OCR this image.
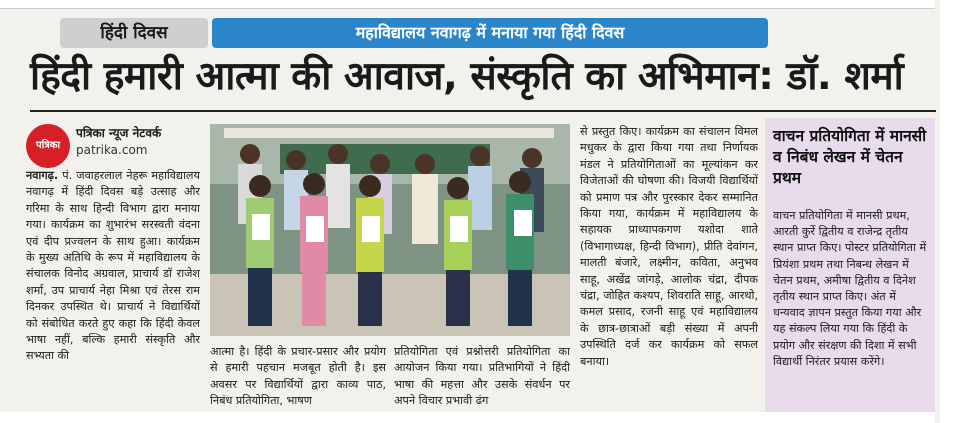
हिंदी दिवस	महाविद्यालय नवागढ़ में मनाया गया हिंदी दिवस
हिंदी हमारी आत्मा की आवाज, संस्कृति का अभिमान: डॉ. शर्मा
पत्रिका
पत्रिका न्यूज नेटवर्क
patrika.com
नवागढ़. पं. जवाहरलाल नेहरू महाविद्यालय नवागढ़ में हिंदी दिवस बड़े उत्साह और गरिमा के साथ हिन्दी विभाग द्वारा मनाया गया। कार्यक्रम का शुभारंभ सरस्वती वंदना एवं दीप प्रज्वलन के साथ हुआ। कार्यक्रम के मुख्य अतिथि के रूप में महाविद्यालय के संचालक विनोद अग्रवाल, प्राचार्य डॉ राजेश शर्मा, उप प्राचार्य नेहा मिश्रा एवं तेरस राम दिनकर उपस्थित थे। प्राचार्य ने विद्यार्थियों को संबोधित करते हुए कहा कि हिंदी केवल भाषा नहीं, बल्कि हमारी संस्कृति और सभ्यता की	आत्मा है। हिंदी के प्रचार-प्रसार और प्रयोग से हमारी पहचान मजबूत होती है। इस अवसर पर विद्यार्थियों द्वारा काव्य पाठ, निबंध प्रतियोगिता, भाषण
प्रतियोगिता एवं प्रश्नोत्तरी प्रतियोगिता का आयोजन किया गया। प्रतिभागियों ने हिंदी भाषा की महत्ता और उसके संवर्धन पर अपने विचार प्रभावी ढंग
से प्रस्तुत किए। कार्यक्रम का संचालन विमल मधुकर के द्वारा किया गया तथा निर्णायक मंडल ने प्रतियोगिताओं का मूल्यांकन कर विजेताओं की घोषणा की। विजयी विद्यार्थियों को प्रमाण पत्र और पुरस्कार देकर सम्मानित किया गया, कार्यक्रम में महाविद्यालय के सहायक प्राध्यापकगण यशोदा शाते (विभागाध्यक्ष, हिन्दी विभाग), प्रीति देवांगन, मालती बंजारे, लक्ष्मीन, कविता, अनुभव साहू, अखेंद्र जांगड़े, आलोक चंद्रा, दीपक चंद्रा, जोहित कश्यप, शिवराति साहू, आरथो, कमल प्रसाद, रजनी साहू एवं महाविद्यालय के छात्र-छात्राओं बड़ी संख्या में अपनी उपस्थिति दर्ज कर कार्यक्रम को सफल बनाया।
वाचन प्रतियोगिता में मानसी व निबंध लेखन में चेतन प्रथम
वाचन प्रतियोगिता में मानसी प्रथम, आरती कुर्रे द्वितीय व राजेन्द्र तृतीय स्थान प्राप्त किए। पोस्टर प्रतियोगिता में प्रियंशा प्रथम तथा निबन्ध लेखन में चेतन प्रथम, अमीषा द्वितीय व दिनेश तृतीय स्थान प्राप्त किए। अंत में धन्यवाद ज्ञापन प्रस्तुत किया गया और यह संकल्प लिया गया कि हिंदी के प्रयोग और संरक्षण की दिशा में सभी विद्यार्थी निरंतर प्रयास करेंगे।
